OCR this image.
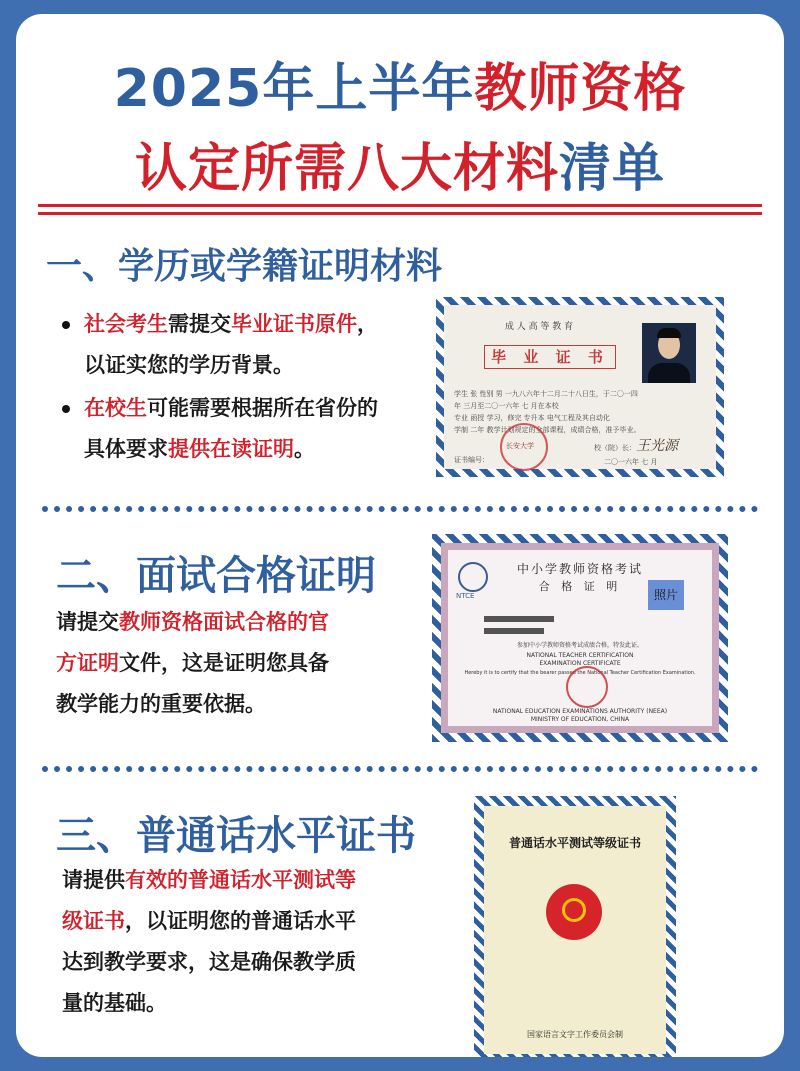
2025年上半年教师资格
认定所需八大材料清单
一、学历或学籍证明材料
社会考生需提交毕业证书原件，
以证实您的学历背景。
在校生可能需要根据所在省份的
具体要求提供在读证明。
成 人 高 等 教 育
毕 业 证 书
学生 张 性别 男 一九八六年十二月二十八日生，于二〇一四
年 三月至二〇一六年 七 月在本校
专业 函授 学习，修完 专升本 电气工程及其自动化
学制 二年 教学计划规定的全部课程，成绩合格，准予毕业。
长安大学	校（院）长： 王光源
证书编号：	二〇一六年 七 月
二、面试合格证明
请提交教师资格面试合格的官
方证明文件，这是证明您具备
教学能力的重要依据。
NTCE
中小学教师资格考试
合 格 证 明
照片
参加中小学教师资格考试成绩合格，特发此证。
NATIONAL TEACHER CERTIFICATION
EXAMINATION CERTIFICATE
Hereby it is to certify that the bearer passed the National Teacher Certification Examination.
NATIONAL EDUCATION EXAMINATIONS AUTHORITY (NEEA)
MINISTRY OF EDUCATION, CHINA
三、普通话水平证书
请提供有效的普通话水平测试等
级证书，以证明您的普通话水平
达到教学要求，这是确保教学质
量的基础。
普通话水平测试等级证书
国家语言文字工作委员会制
